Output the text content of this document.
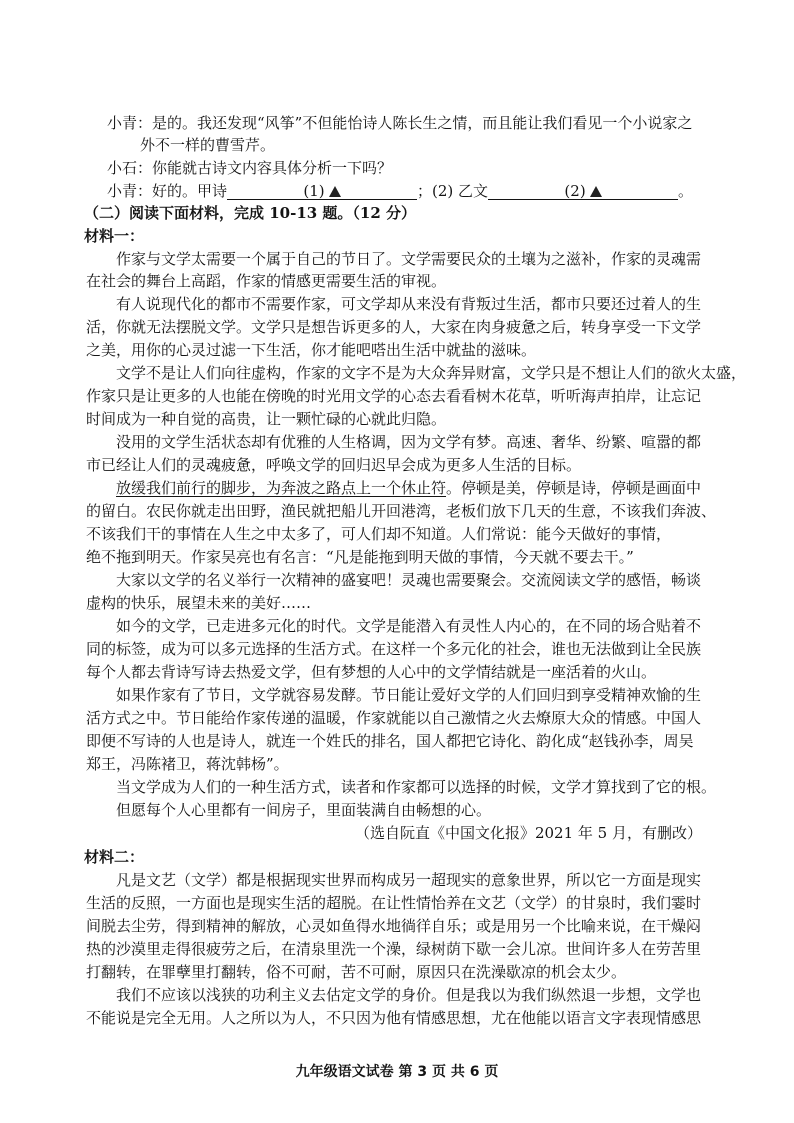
小青：是的。我还发现“风筝”不但能怡诗人陈长生之情，而且能让我们看见一个小说家之
外不一样的曹雪芹。
小石：你能就古诗文内容具体分析一下吗？
小青：好的。甲诗	(1)	；(2) 乙文	(2)	。
（二）阅读下面材料，完成 10-13 题。（12 分）
材料一：
作家与文学太需要一个属于自己的节日了。文学需要民众的土壤为之滋补，作家的灵魂需
在社会的舞台上高蹈，作家的情感更需要生活的审视。
有人说现代化的都市不需要作家，可文学却从来没有背叛过生活，都市只要还过着人的生
活，你就无法摆脱文学。文学只是想告诉更多的人，大家在肉身疲惫之后，转身享受一下文学
之美，用你的心灵过滤一下生活，你才能吧嗒出生活中就盐的滋味。
文学不是让人们向往虚构，作家的文字不是为大众奔异财富，文学只是不想让人们的欲火太盛，
作家只是让更多的人也能在傍晚的时光用文学的心态去看看树木花草，听听海声拍岸，让忘记
时间成为一种自觉的高贵，让一颗忙碌的心就此归隐。
没用的文学生活状态却有优雅的人生格调，因为文学有梦。高速、奢华、纷繁、喧嚣的都
市已经让人们的灵魂疲惫，呼唤文学的回归迟早会成为更多人生活的目标。
放缓我们前行的脚步，为奔波之路点上一个休止符。停顿是美，停顿是诗，停顿是画面中
的留白。农民你就走出田野，渔民就把船儿开回港湾，老板们放下几天的生意，不该我们奔波、
不该我们干的事情在人生之中太多了，可人们却不知道。人们常说：能今天做好的事情，
绝不拖到明天。作家吴亮也有名言：“凡是能拖到明天做的事情，今天就不要去干。”
大家以文学的名义举行一次精神的盛宴吧！灵魂也需要聚会。交流阅读文学的感悟，畅谈
虚构的快乐，展望未来的美好……
如今的文学，已走进多元化的时代。文学是能潜入有灵性人内心的，在不同的场合贴着不
同的标签，成为可以多元选择的生活方式。在这样一个多元化的社会，谁也无法做到让全民族
每个人都去背诗写诗去热爱文学，但有梦想的人心中的文学情结就是一座活着的火山。
如果作家有了节日，文学就容易发酵。节日能让爱好文学的人们回归到享受精神欢愉的生
活方式之中。节日能给作家传递的温暖，作家就能以自己激情之火去燎原大众的情感。中国人
即便不写诗的人也是诗人，就连一个姓氏的排名，国人都把它诗化、韵化成“赵钱孙李，周吴
郑王，冯陈褚卫，蒋沈韩杨”。
当文学成为人们的一种生活方式，读者和作家都可以选择的时候，文学才算找到了它的根。
但愿每个人心里都有一间房子，里面装满自由畅想的心。
（选自阮直《中国文化报》2021 年 5 月，有删改）
材料二：
凡是文艺（文学）都是根据现实世界而构成另一超现实的意象世界，所以它一方面是现实
生活的反照，一方面也是现实生活的超脱。在让性情怡养在文艺（文学）的甘泉时，我们霎时
间脱去尘劳，得到精神的解放，心灵如鱼得水地徜徉自乐；或是用另一个比喻来说，在干燥闷
热的沙漠里走得很疲劳之后，在清泉里洗一个澡，绿树荫下歇一会儿凉。世间许多人在劳苦里
打翻转，在罪孽里打翻转，俗不可耐，苦不可耐，原因只在洗澡歇凉的机会太少。
我们不应该以浅狭的功利主义去估定文学的身价。但是我以为我们纵然退一步想，文学也
不能说是完全无用。人之所以为人，不只因为他有情感思想，尤在他能以语言文字表现情感思
九年级语文试卷 第 3 页 共 6 页
